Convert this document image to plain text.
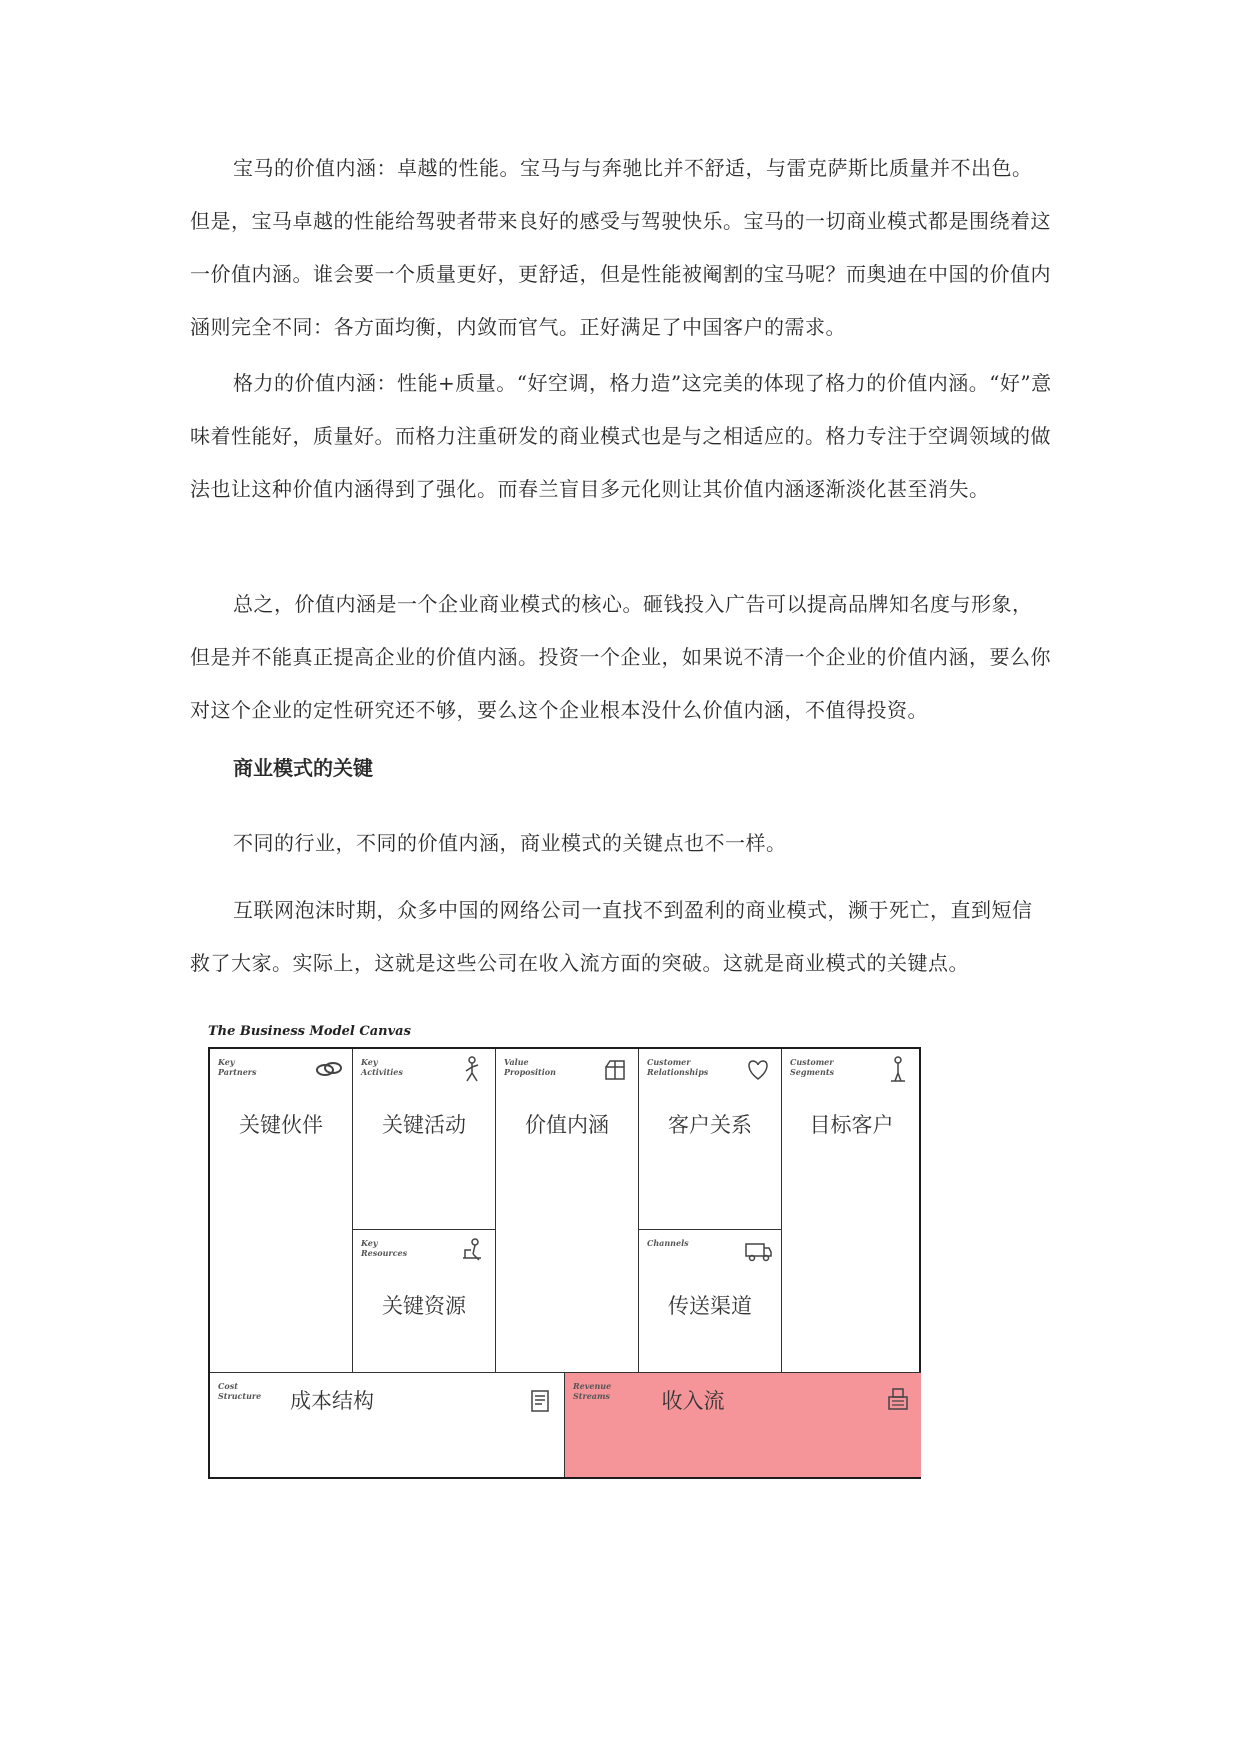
宝马的价值内涵：卓越的性能。宝马与与奔驰比并不舒适，与雷克萨斯比质量并不出色。但是，宝马卓越的性能给驾驶者带来良好的感受与驾驶快乐。宝马的一切商业模式都是围绕着这一价值内涵。谁会要一个质量更好，更舒适，但是性能被阉割的宝马呢？而奥迪在中国的价值内涵则完全不同：各方面均衡，内敛而官气。正好满足了中国客户的需求。

格力的价值内涵：性能+质量。“好空调，格力造”这完美的体现了格力的价值内涵。“好”意味着性能好，质量好。而格力注重研发的商业模式也是与之相适应的。格力专注于空调领域的做法也让这种价值内涵得到了强化。而春兰盲目多元化则让其价值内涵逐渐淡化甚至消失。

总之，价值内涵是一个企业商业模式的核心。砸钱投入广告可以提高品牌知名度与形象，但是并不能真正提高企业的价值内涵。投资一个企业，如果说不清一个企业的价值内涵，要么你对这个企业的定性研究还不够，要么这个企业根本没什么价值内涵，不值得投资。

商业模式的关键

不同的行业，不同的价值内涵，商业模式的关键点也不一样。

互联网泡沫时期，众多中国的网络公司一直找不到盈利的商业模式，濒于死亡，直到短信救了大家。实际上，这就是这些公司在收入流方面的突破。这就是商业模式的关键点。

The Business Model Canvas
Key
Partners
关键伙伴
Key
Activities
关键活动
Key
Resources
关键资源
Value
Proposition
价值内涵
Customer
Relationships
客户关系
Channels
传送渠道
Customer
Segments
目标客户
Cost
Structure	成本结构
Revenue
Streams	收入流
